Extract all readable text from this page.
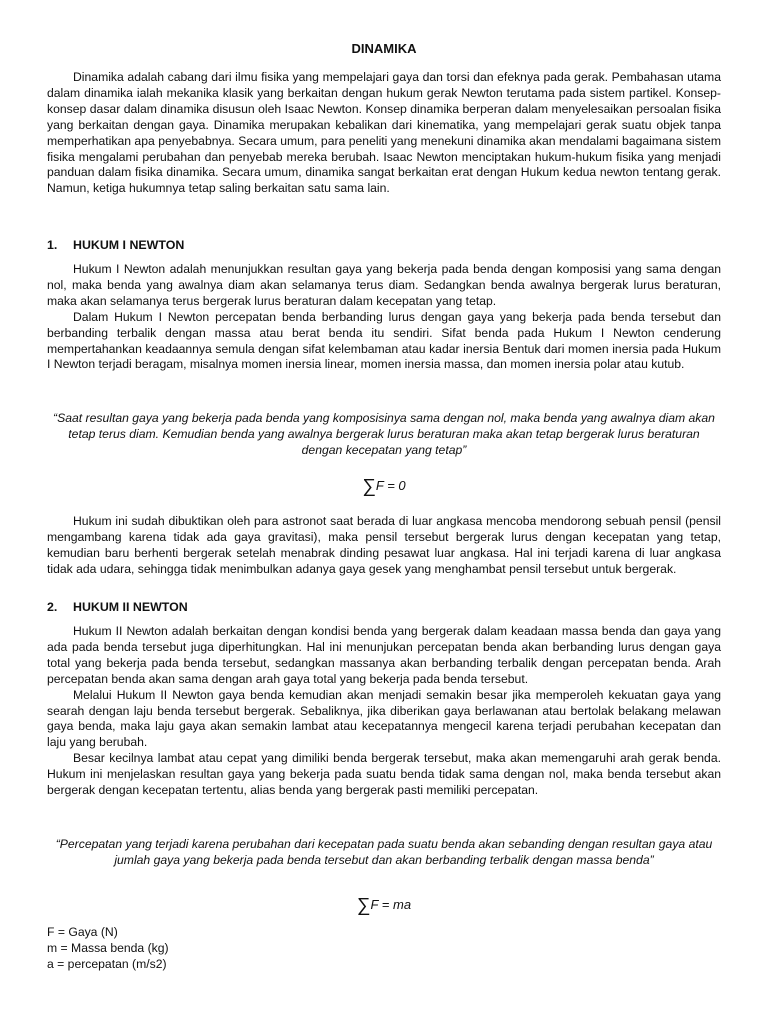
DINAMIKA

Dinamika adalah cabang dari ilmu fisika yang mempelajari gaya dan torsi dan efeknya pada gerak. Pembahasan utama dalam dinamika ialah mekanika klasik yang berkaitan dengan hukum gerak Newton terutama pada sistem partikel. Konsep-konsep dasar dalam dinamika disusun oleh Isaac Newton. Konsep dinamika berperan dalam menyelesaikan persoalan fisika yang berkaitan dengan gaya. Dinamika merupakan kebalikan dari kinematika, yang mempelajari gerak suatu objek tanpa memperhatikan apa penyebabnya. Secara umum, para peneliti yang menekuni dinamika akan mendalami bagaimana sistem fisika mengalami perubahan dan penyebab mereka berubah. Isaac Newton menciptakan hukum-hukum fisika yang menjadi panduan dalam fisika dinamika. Secara umum, dinamika sangat berkaitan erat dengan Hukum kedua newton tentang gerak. Namun, ketiga hukumnya tetap saling berkaitan satu sama lain.

1. HUKUM I NEWTON

Hukum I Newton adalah menunjukkan resultan gaya yang bekerja pada benda dengan komposisi yang sama dengan nol, maka benda yang awalnya diam akan selamanya terus diam. Sedangkan benda awalnya bergerak lurus beraturan, maka akan selamanya terus bergerak lurus beraturan dalam kecepatan yang tetap.

Dalam Hukum I Newton percepatan benda berbanding lurus dengan gaya yang bekerja pada benda tersebut dan berbanding terbalik dengan massa atau berat benda itu sendiri. Sifat benda pada Hukum I Newton cenderung mempertahankan keadaannya semula dengan sifat kelembaman atau kadar inersia Bentuk dari momen inersia pada Hukum I Newton terjadi beragam, misalnya momen inersia linear, momen inersia massa, dan momen inersia polar atau kutub.

“Saat resultan gaya yang bekerja pada benda yang komposisinya sama dengan nol, maka benda yang awalnya diam akan tetap terus diam. Kemudian benda yang awalnya bergerak lurus beraturan maka akan tetap bergerak lurus beraturan dengan kecepatan yang tetap”

∑F = 0

Hukum ini sudah dibuktikan oleh para astronot saat berada di luar angkasa mencoba mendorong sebuah pensil (pensil mengambang karena tidak ada gaya gravitasi), maka pensil tersebut bergerak lurus dengan kecepatan yang tetap, kemudian baru berhenti bergerak setelah menabrak dinding pesawat luar angkasa. Hal ini terjadi karena di luar angkasa tidak ada udara, sehingga tidak menimbulkan adanya gaya gesek yang menghambat pensil tersebut untuk bergerak.

2. HUKUM II NEWTON

Hukum II Newton adalah berkaitan dengan kondisi benda yang bergerak dalam keadaan massa benda dan gaya yang ada pada benda tersebut juga diperhitungkan. Hal ini menunjukan percepatan benda akan berbanding lurus dengan gaya total yang bekerja pada benda tersebut, sedangkan massanya akan berbanding terbalik dengan percepatan benda. Arah percepatan benda akan sama dengan arah gaya total yang bekerja pada benda tersebut.

Melalui Hukum II Newton gaya benda kemudian akan menjadi semakin besar jika memperoleh kekuatan gaya yang searah dengan laju benda tersebut bergerak. Sebaliknya, jika diberikan gaya berlawanan atau bertolak belakang melawan gaya benda, maka laju gaya akan semakin lambat atau kecepatannya mengecil karena terjadi perubahan kecepatan dan laju yang berubah.

Besar kecilnya lambat atau cepat yang dimiliki benda bergerak tersebut, maka akan memengaruhi arah gerak benda. Hukum ini menjelaskan resultan gaya yang bekerja pada suatu benda tidak sama dengan nol, maka benda tersebut akan bergerak dengan kecepatan tertentu, alias benda yang bergerak pasti memiliki percepatan.

“Percepatan yang terjadi karena perubahan dari kecepatan pada suatu benda akan sebanding dengan resultan gaya atau jumlah gaya yang bekerja pada benda tersebut dan akan berbanding terbalik dengan massa benda”

∑F = ma

F = Gaya (N)

m = Massa benda (kg)

a = percepatan (m/s2)
